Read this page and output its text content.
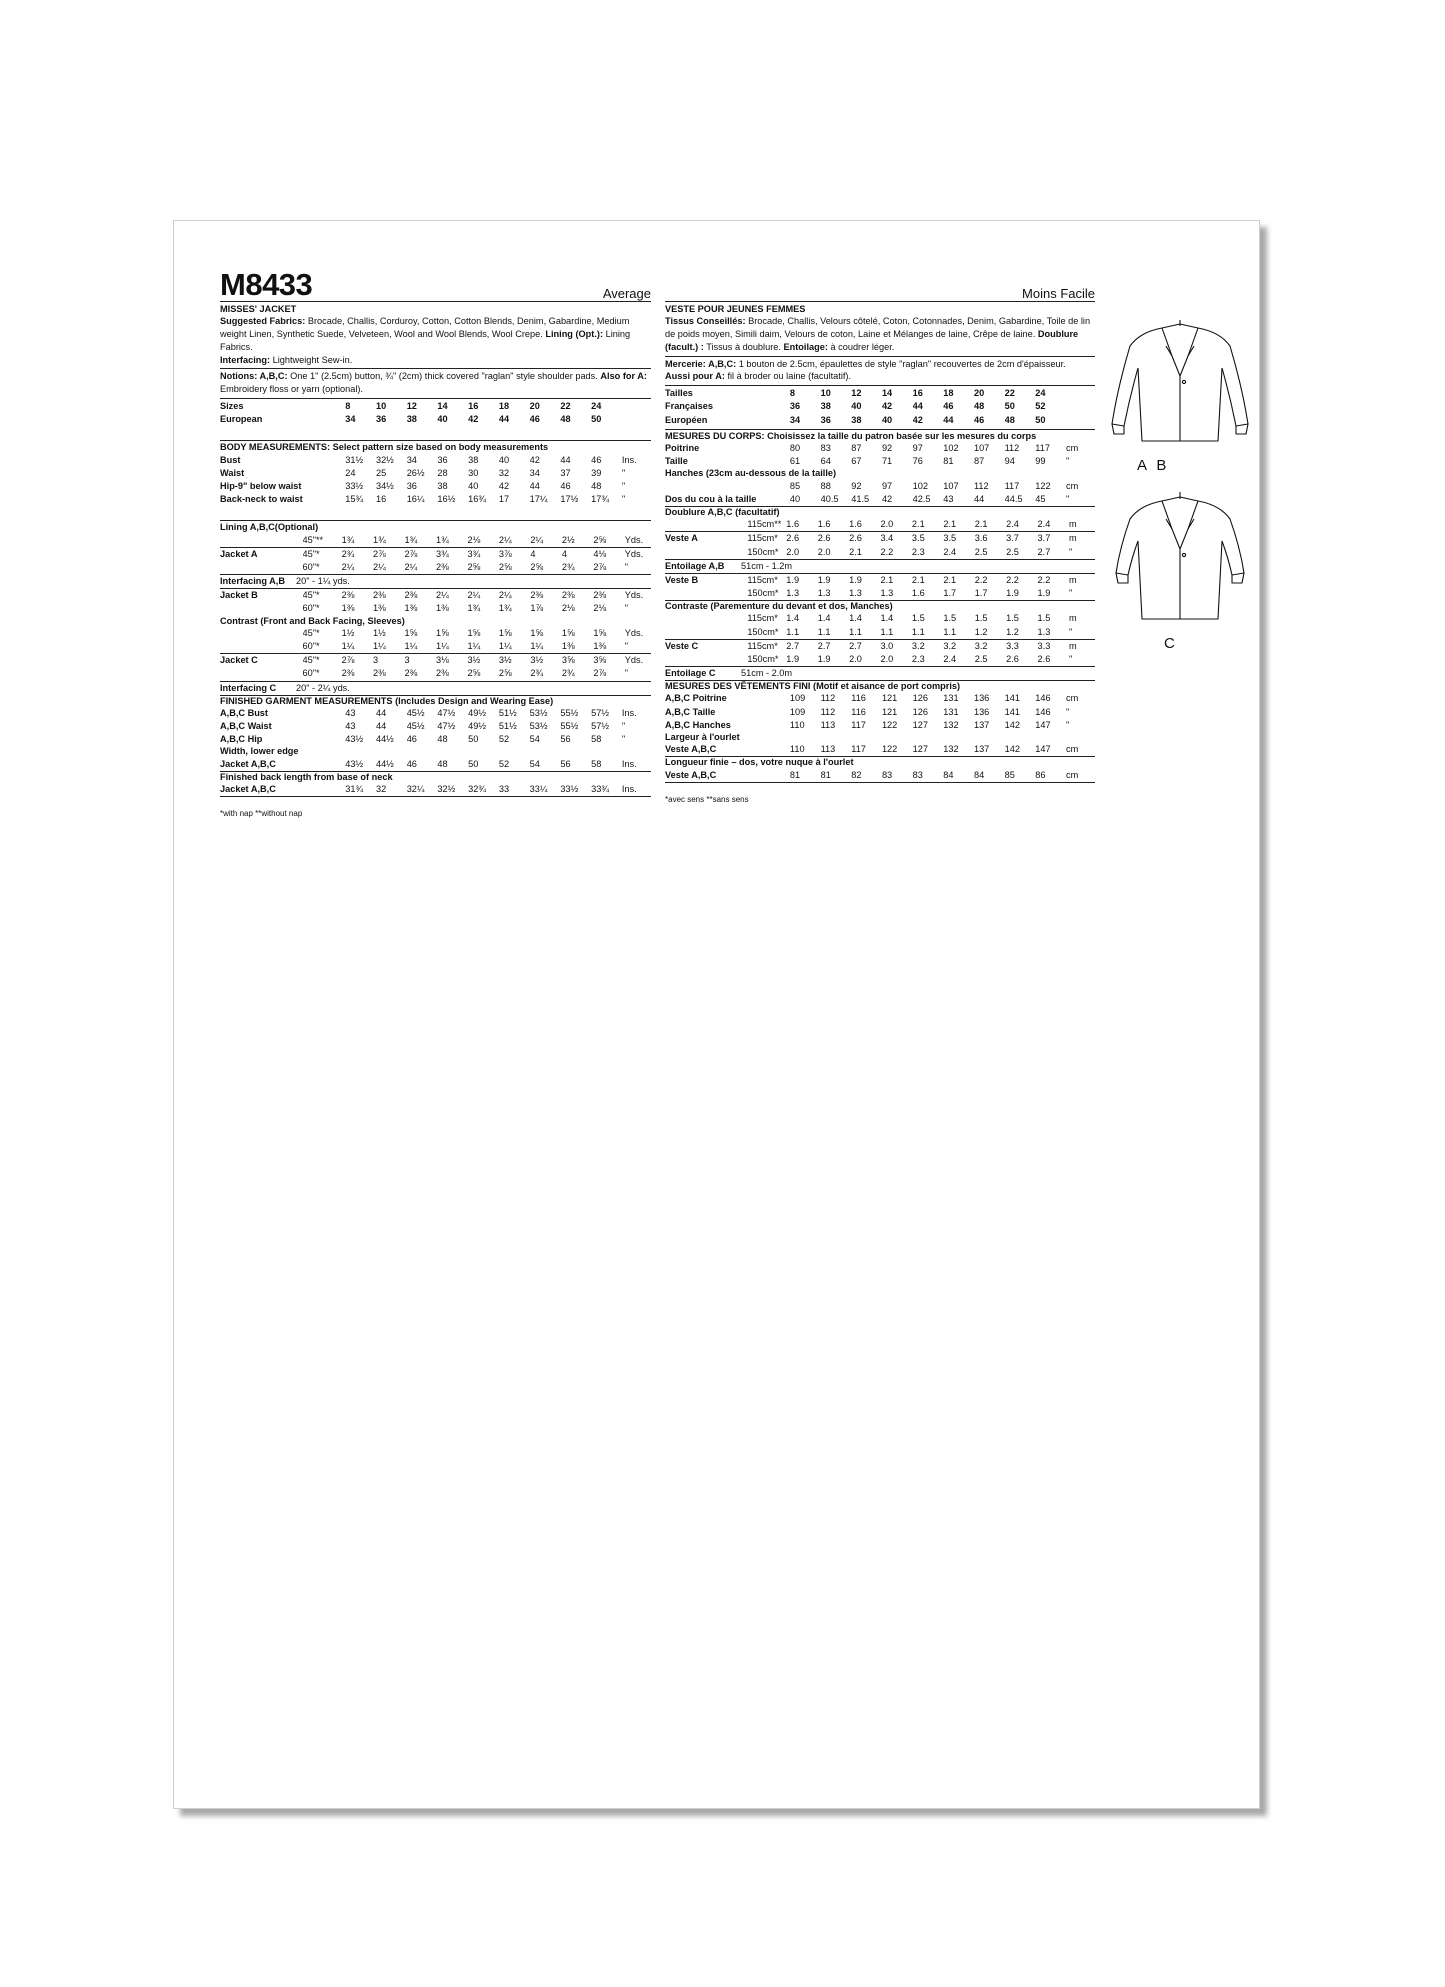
M8433	Average
MISSES' JACKET
Suggested Fabrics: Brocade, Challis, Corduroy, Cotton, Cotton Blends, Denim, Gabardine, Medium weight Linen, Synthetic Suede, Velveteen, Wool and Wool Blends, Wool Crepe. Lining (Opt.): Lining Fabrics.
Interfacing: Lightweight Sew-in.
Notions: A,B,C: One 1" (2.5cm) button, ¾" (2cm) thick covered "raglan" style shoulder pads. Also for A: Embroidery floss or yarn (optional).
Sizes	8	10	12	14	16	18	20	22	24	
European	34	36	38	40	42	44	46	48	50	
BODY MEASUREMENTS: Select pattern size based on body measurements
Bust	31½	32½	34	36	38	40	42	44	46	Ins.
Waist	24	25	26½	28	30	32	34	37	39	"
Hip-9" below waist	33½	34½	36	38	40	42	44	46	48	"
Back-neck to waist	15¾	16	16¼	16½	16¾	17	17¼	17½	17¾	"
Lining A,B,C(Optional)
	45"**	1¾	1¾	1¾	1¾	2⅛	2¼	2¼	2½	2⅝	Yds.
Jacket A	45"*	2¾	2⅞	2⅞	3¾	3¾	3⅞	4	4	4⅛	Yds.
	60"*	2¼	2¼	2¼	2⅜	2⅝	2⅝	2⅝	2¾	2⅞	"
Interfacing A,B 20" - 1¼ yds.
Jacket B	45"*	2⅜	2⅜	2⅜	2¼	2¼	2¼	2⅜	2⅜	2⅜	Yds.
	60"*	1⅜	1⅜	1⅜	1⅜	1¾	1¾	1⅞	2⅛	2⅛	"
Contrast (Front and Back Facing, Sleeves)
	45"*	1½	1½	1⅝	1⅝	1⅝	1⅝	1⅝	1⅝	1⅝	Yds.
	60"*	1¼	1¼	1¼	1¼	1¼	1¼	1¼	1⅜	1⅜	"
Jacket C	45"*	2⅞	3	3	3⅛	3½	3½	3½	3⅝	3⅝	Yds.
	60"*	2⅜	2⅜	2⅜	2⅜	2⅝	2⅝	2¾	2¾	2⅞	"
Interfacing C 20" - 2¼ yds.
FINISHED GARMENT MEASUREMENTS (Includes Design and Wearing Ease)
A,B,C Bust	43	44	45½	47½	49½	51½	53½	55½	57½	Ins.
A,B,C Waist	43	44	45½	47½	49½	51½	53½	55½	57½	"
A,B,C Hip	43½	44½	46	48	50	52	54	56	58	"
Width, lower edge
Jacket A,B,C	43½	44½	46	48	50	52	54	56	58	Ins.
Finished back length from base of neck
Jacket A,B,C	31¾	32	32¼	32½	32¾	33	33¼	33½	33¾	Ins.
*with nap **without nap
Moins Facile
VESTE POUR JEUNES FEMMES
Tissus Conseillés: Brocade, Challis, Velours côtelé, Coton, Cotonnades, Denim, Gabardine, Toile de lin de poids moyen, Simili daim, Velours de coton, Laine et Mélanges de laine, Crêpe de laine. Doublure (facult.) : Tissus à doublure. Entoilage: à coudrer léger.
Mercerie: A,B,C: 1 bouton de 2.5cm, épaulettes de style "raglan" recouvertes de 2cm d'épaisseur.
Aussi pour A: fil à broder ou laine (facultatif).
Tailles	8	10	12	14	16	18	20	22	24	
Françaises	36	38	40	42	44	46	48	50	52	
Européen	34	36	38	40	42	44	46	48	50	
MESURES DU CORPS: Choisissez la taille du patron basée sur les mesures du corps
Poitrine	80	83	87	92	97	102	107	112	117	cm
Taille	61	64	67	71	76	81	87	94	99	"
Hanches (23cm au-dessous de la taille)
	85	88	92	97	102	107	112	117	122	cm
Dos du cou à la taille	40	40.5	41.5	42	42.5	43	44	44.5	45	"
Doublure A,B,C (facultatif)
	115cm**	1.6	1.6	1.6	2.0	2.1	2.1	2.1	2.4	2.4	m
Veste A	115cm*	2.6	2.6	2.6	3.4	3.5	3.5	3.6	3.7	3.7	m
	150cm*	2.0	2.0	2.1	2.2	2.3	2.4	2.5	2.5	2.7	"
Entoilage A,B 51cm - 1.2m
Veste B	115cm*	1.9	1.9	1.9	2.1	2.1	2.1	2.2	2.2	2.2	m
	150cm*	1.3	1.3	1.3	1.3	1.6	1.7	1.7	1.9	1.9	"
Contraste (Parementure du devant et dos, Manches)
	115cm*	1.4	1.4	1.4	1.4	1.5	1.5	1.5	1.5	1.5	m
	150cm*	1.1	1.1	1.1	1.1	1.1	1.1	1.2	1.2	1.3	"
Veste C	115cm*	2.7	2.7	2.7	3.0	3.2	3.2	3.2	3.3	3.3	m
	150cm*	1.9	1.9	2.0	2.0	2.3	2.4	2.5	2.6	2.6	"
Entoilage C	51cm - 2.0m
MESURES DES VÊTEMENTS FINI (Motif et aisance de port compris)
A,B,C Poitrine	109	112	116	121	126	131	136	141	146	cm
A,B,C Taille	109	112	116	121	126	131	136	141	146	"
A,B,C Hanches	110	113	117	122	127	132	137	142	147	"
Largeur à l'ourlet
Veste A,B,C	110	113	117	122	127	132	137	142	147	cm
Longueur finie – dos, votre nuque à l'ourlet
Veste A,B,C	81	81	82	83	83	84	84	85	86	cm
*avec sens **sans sens
A B
C
